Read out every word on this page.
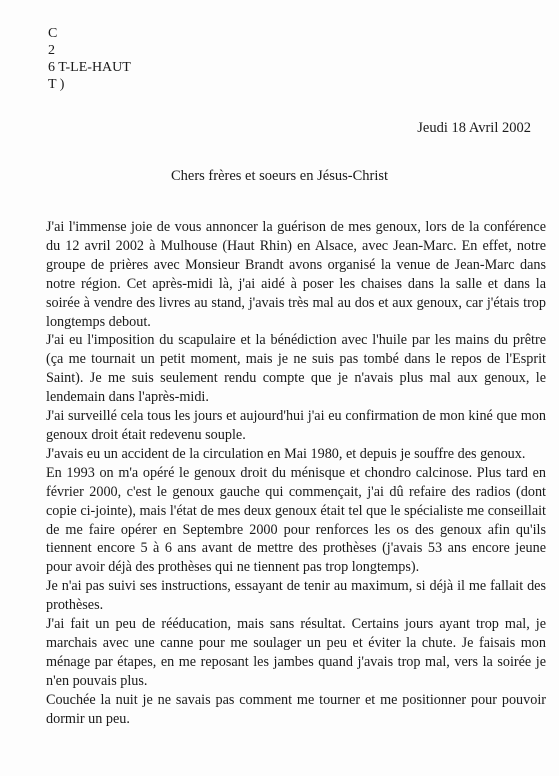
C
2
6 T-LE-HAUT
T )
Jeudi 18 Avril 2002
Chers frères et soeurs en Jésus-Christ

J'ai l'immense joie de vous annoncer la guérison de mes genoux, lors de la conférence du 12 avril 2002 à Mulhouse (Haut Rhin) en Alsace, avec Jean-Marc. En effet, notre groupe de prières avec Monsieur Brandt avons organisé la venue de Jean-Marc dans notre région. Cet après-midi là, j'ai aidé à poser les chaises dans la salle et dans la soirée à vendre des livres au stand, j'avais très mal au dos et aux genoux, car j'étais trop longtemps debout.

J'ai eu l'imposition du scapulaire et la bénédiction avec l'huile par les mains du prêtre (ça me tournait un petit moment, mais je ne suis pas tombé dans le repos de l'Esprit Saint). Je me suis seulement rendu compte que je n'avais plus mal aux genoux, le lendemain dans l'après-midi.

J'ai surveillé cela tous les jours et aujourd'hui j'ai eu confirmation de mon kiné que mon genoux droit était redevenu souple.

J'avais eu un accident de la circulation en Mai 1980, et depuis je souffre des genoux.

En 1993 on m'a opéré le genoux droit du ménisque et chondro calcinose. Plus tard en février 2000, c'est le genoux gauche qui commençait, j'ai dû refaire des radios (dont copie ci-jointe), mais l'état de mes deux genoux était tel que le spécialiste me conseillait de me faire opérer en Septembre 2000 pour renforces les os des genoux afin qu'ils tiennent encore 5 à 6 ans avant de mettre des prothèses (j'avais 53 ans encore jeune pour avoir déjà des prothèses qui ne tiennent pas trop longtemps).

Je n'ai pas suivi ses instructions, essayant de tenir au maximum, si déjà il me fallait des prothèses.

J'ai fait un peu de rééducation, mais sans résultat. Certains jours ayant trop mal, je marchais avec une canne pour me soulager un peu et éviter la chute. Je faisais mon ménage par étapes, en me reposant les jambes quand j'avais trop mal, vers la soirée je n'en pouvais plus.

Couchée la nuit je ne savais pas comment me tourner et me positionner pour pouvoir dormir un peu.
